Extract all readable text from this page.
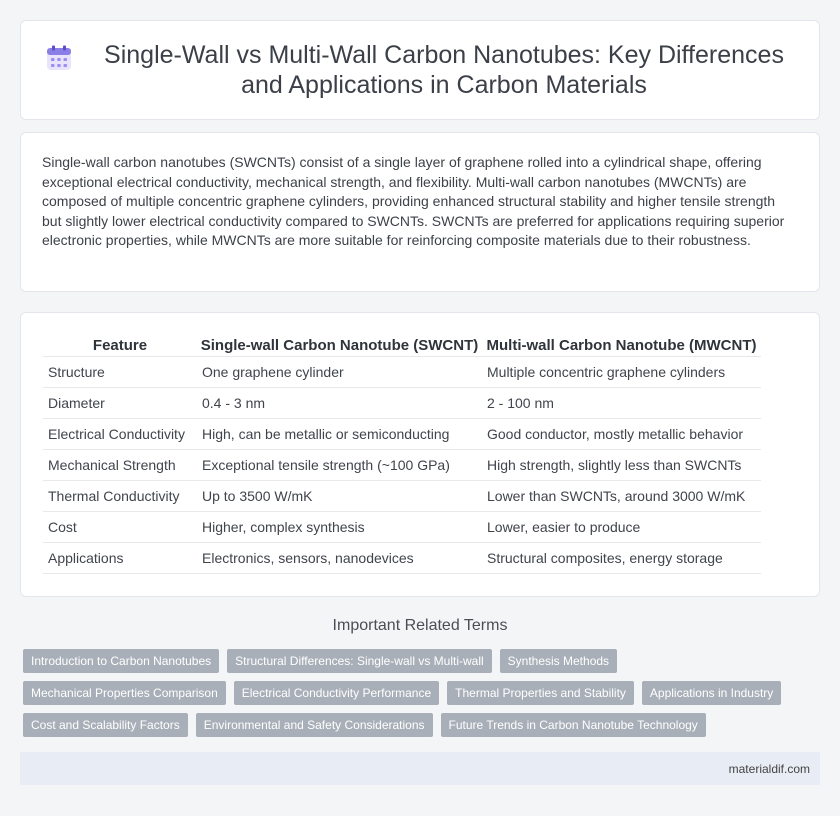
Single-Wall vs Multi-Wall Carbon Nanotubes: Key Differences and Applications in Carbon Materials
Single-wall carbon nanotubes (SWCNTs) consist of a single layer of graphene rolled into a cylindrical shape, offering exceptional electrical conductivity, mechanical strength, and flexibility. Multi-wall carbon nanotubes (MWCNTs) are composed of multiple concentric graphene cylinders, providing enhanced structural stability and higher tensile strength but slightly lower electrical conductivity compared to SWCNTs. SWCNTs are preferred for applications requiring superior electronic properties, while MWCNTs are more suitable for reinforcing composite materials due to their robustness.
Feature	Single-wall Carbon Nanotube (SWCNT)	Multi-wall Carbon Nanotube (MWCNT)
Structure	One graphene cylinder	Multiple concentric graphene cylinders
Diameter	0.4 - 3 nm	2 - 100 nm
Electrical Conductivity	High, can be metallic or semiconducting	Good conductor, mostly metallic behavior
Mechanical Strength	Exceptional tensile strength (~100 GPa)	High strength, slightly less than SWCNTs
Thermal Conductivity	Up to 3500 W/mK	Lower than SWCNTs, around 3000 W/mK
Cost	Higher, complex synthesis	Lower, easier to produce
Applications	Electronics, sensors, nanodevices	Structural composites, energy storage
Important Related Terms
Introduction to Carbon Nanotubes	Structural Differences: Single-wall vs Multi-wall	Synthesis Methods
Mechanical Properties Comparison	Electrical Conductivity Performance	Thermal Properties and Stability	Applications in Industry
Cost and Scalability Factors	Environmental and Safety Considerations	Future Trends in Carbon Nanotube Technology
materialdif.com
